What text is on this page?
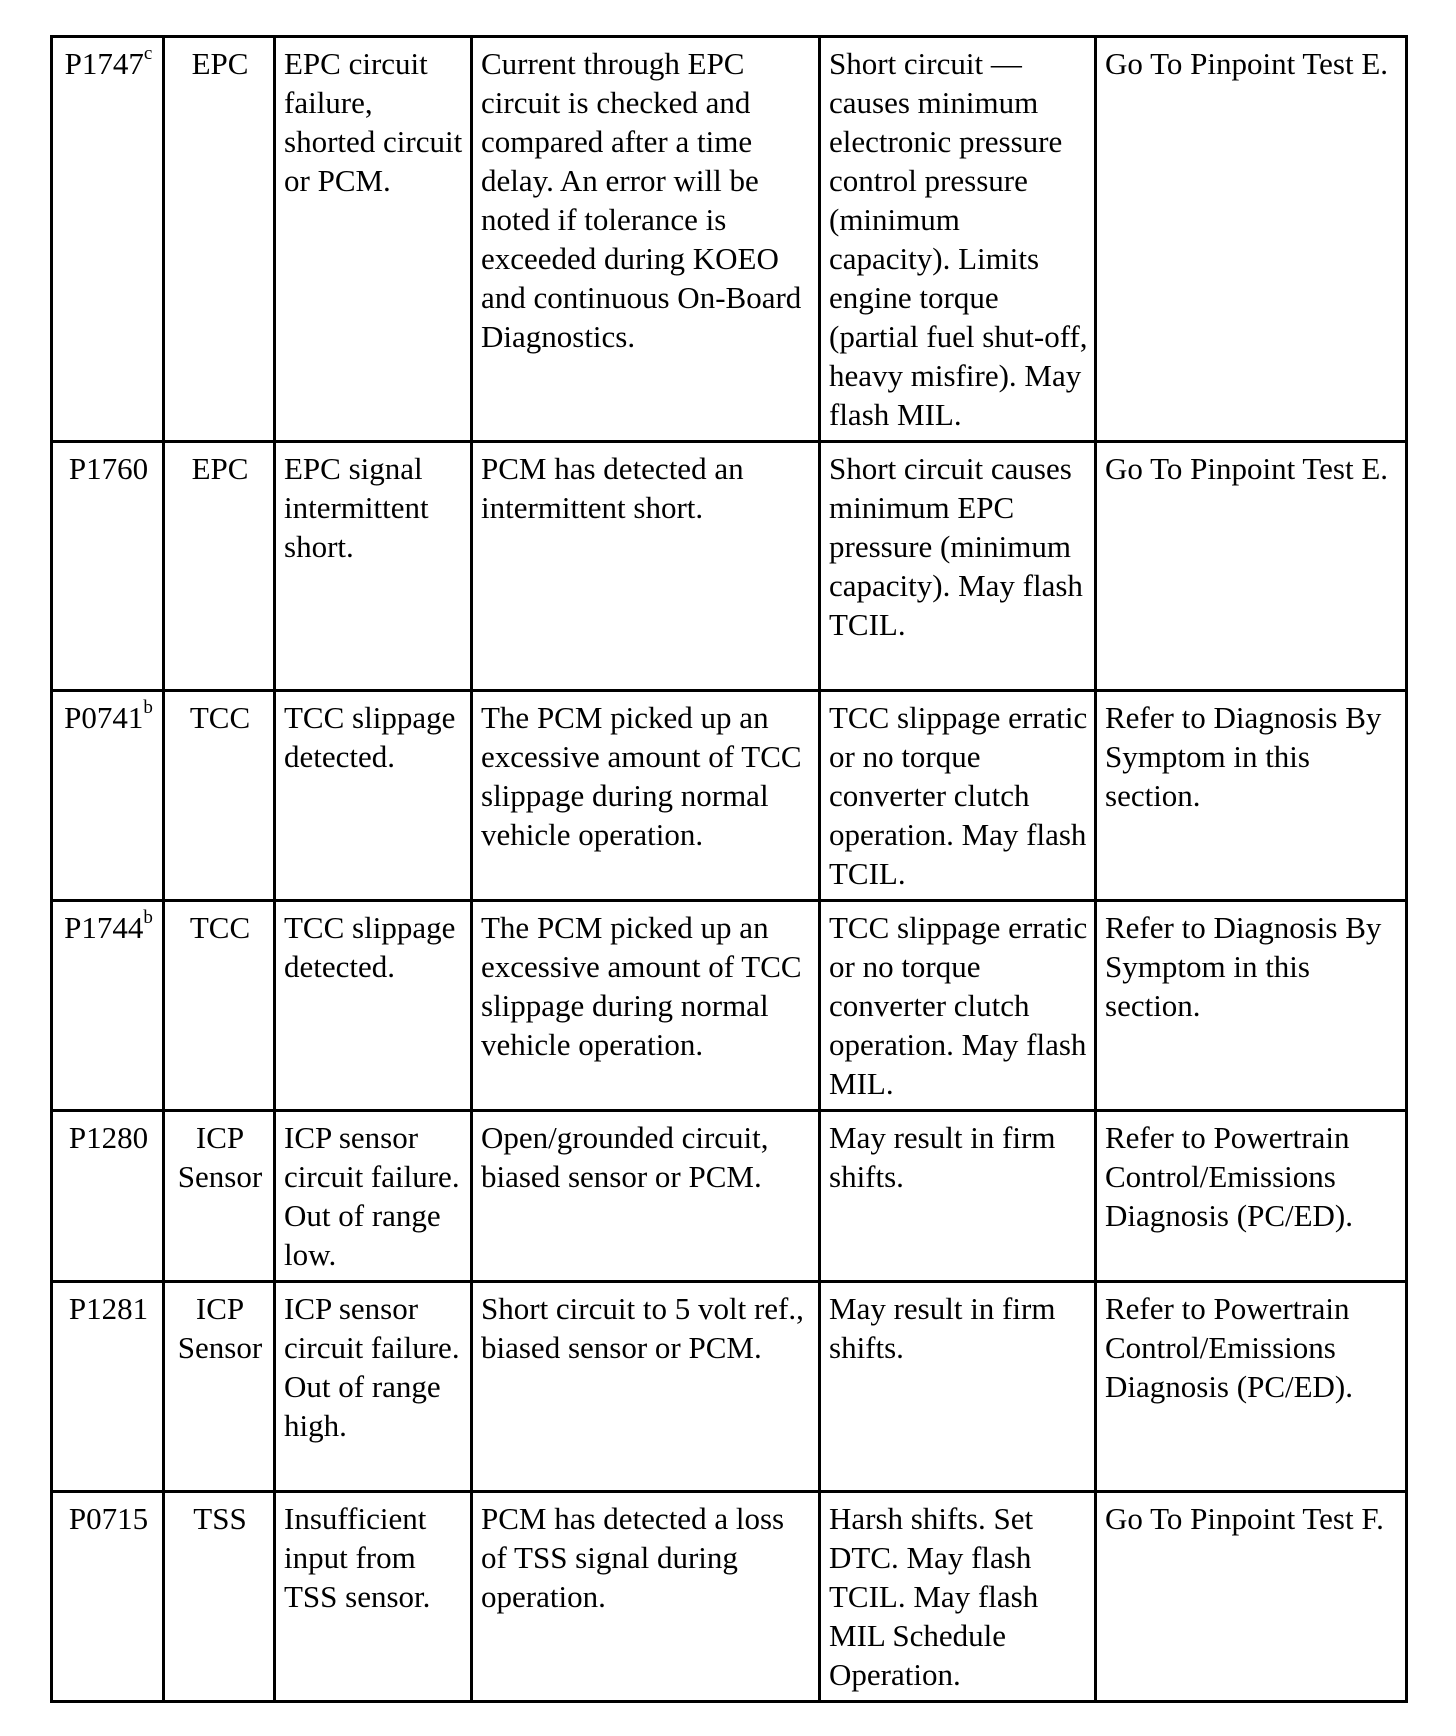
P1747$^c$	EPC	EPC circuit failure, shorted circuit or PCM.	Current through EPC circuit is checked and compared after a time delay. An error will be noted if tolerance is exceeded during KOEO and continuous On-Board Diagnostics.	Short circuit — causes minimum electronic pressure control pressure (minimum capacity). Limits engine torque (partial fuel shut-off, heavy misfire). May flash MIL.	Go To Pinpoint Test E.
P1760	EPC	EPC signal intermittent short.	PCM has detected an intermittent short.	Short circuit causes minimum EPC pressure (minimum capacity). May flash TCIL.	Go To Pinpoint Test E.
P0741$^b$	TCC	TCC slippage detected.	The PCM picked up an excessive amount of TCC slippage during normal vehicle operation.	TCC slippage erratic or no torque converter clutch operation. May flash TCIL.	Refer to Diagnosis By Symptom in this section.
P1744$^b$	TCC	TCC slippage detected.	The PCM picked up an excessive amount of TCC slippage during normal vehicle operation.	TCC slippage erratic or no torque converter clutch operation. May flash MIL.	Refer to Diagnosis By Symptom in this section.
P1280	ICP Sensor	ICP sensor circuit failure. Out of range low.	Open/grounded circuit, biased sensor or PCM.	May result in firm shifts.	Refer to Powertrain Control/Emissions Diagnosis (PC/ED).
P1281	ICP Sensor	ICP sensor circuit failure. Out of range high.	Short circuit to 5 volt ref., biased sensor or PCM.	May result in firm shifts.	Refer to Powertrain Control/Emissions Diagnosis (PC/ED).
P0715	TSS	Insufficient input from TSS sensor.	PCM has detected a loss of TSS signal during operation.	Harsh shifts. Set DTC. May flash TCIL. May flash MIL Schedule Operation.	Go To Pinpoint Test F.
